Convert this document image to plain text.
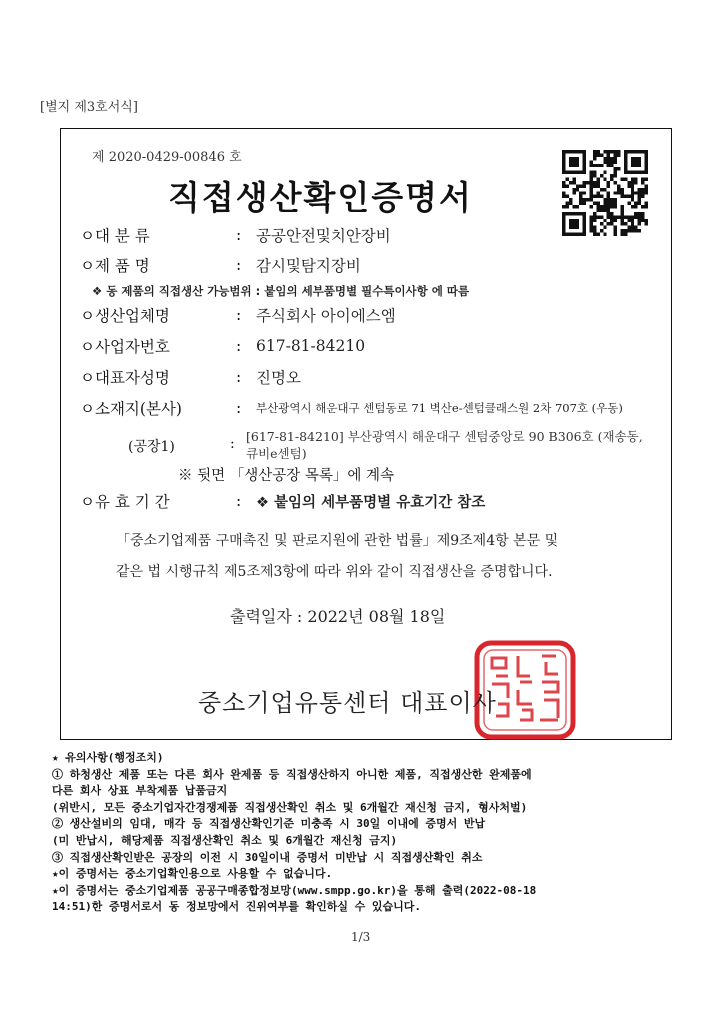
[별지 제3호서식]
제 2020-0429-00846 호
직접생산확인증명서
ㅇ대 분 류	: 공공안전및치안장비
ㅇ제 품 명	: 감시및탐지장비
❖ 동 제품의 직접생산 가능범위 : 붙임의 세부품명별 필수특이사항 에 따름
ㅇ생산업체명	: 주식회사 아이에스엠
ㅇ사업자번호	: 617-81-84210
ㅇ대표자성명	: 진명오
ㅇ소재지(본사)	:	부산광역시 해운대구 센텀동로 71 벽산e-센텀클래스원 2차 707호 (우동)
(공장1)	: [617-81-84210] 부산광역시 해운대구 센텀중앙로 90 B306호 (재송동, 큐비e센텀)
※ 뒷면 「생산공장 목록」에 계속
ㅇ유 효 기 간	:	❖ 붙임의 세부품명별 유효기간 참조
「중소기업제품 구매촉진 및 판로지원에 관한 법률」제9조제4항 본문 및
같은 법 시행규칙 제5조제3항에 따라 위와 같이 직접생산을 증명합니다.
출력일자 : 2022년 08월 18일
중소기업유통센터 대표이사
★ 유의사항(행정조치)
① 하청생산 제품 또는 다른 회사 완제품 등 직접생산하지 아니한 제품, 직접생산한 완제품에
다른 회사 상표 부착제품 납품금지
(위반시, 모든 중소기업자간경쟁제품 직접생산확인 취소 및 6개월간 재신청 금지, 형사처벌)
② 생산설비의 임대, 매각 등 직접생산확인기준 미충족 시 30일 이내에 증명서 반납
(미 반납시, 해당제품 직접생산확인 취소 및 6개월간 재신청 금지)
③ 직접생산확인받은 공장의 이전 시 30일이내 증명서 미반납 시 직접생산확인 취소
★이 증명서는 중소기업확인용으로 사용할 수 없습니다.
★이 증명서는 중소기업제품 공공구매종합정보망(www.smpp.go.kr)을 통해 출력(2022-08-18
14:51)한 증명서로서 동 정보망에서 진위여부를 확인하실 수 있습니다.
1/3
